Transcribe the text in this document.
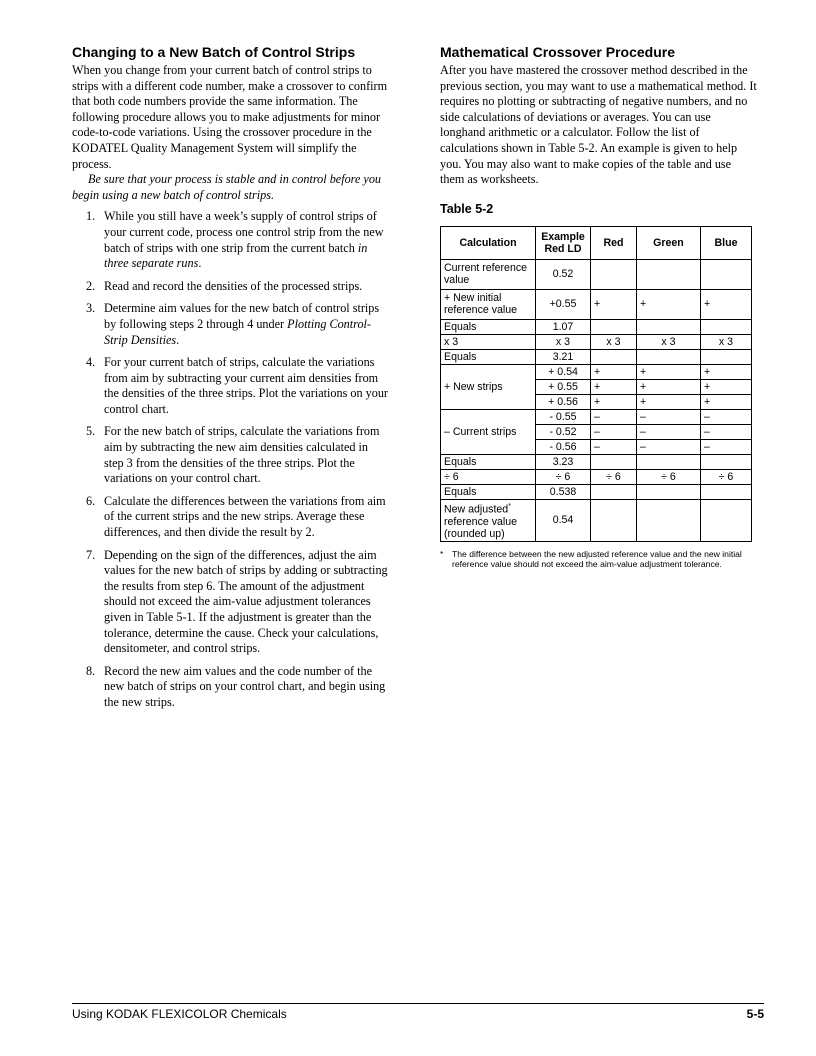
Changing to a New Batch of Control Strips

When you change from your current batch of control strips to strips with a different code number, make a crossover to confirm that both code numbers provide the same information. The following procedure allows you to make adjustments for minor code-to-code variations. Using the crossover procedure in the KODATEL Quality Management System will simplify the process.

Be sure that your process is stable and in control before you begin using a new batch of control strips.

1. While you still have a week’s supply of control strips of your current code, process one control strip from the new batch of strips with one strip from the current batch in three separate runs.
2. Read and record the densities of the processed strips.
3. Determine aim values for the new batch of control strips by following steps 2 through 4 under Plotting Control-Strip Densities.
4. For your current batch of strips, calculate the variations from aim by subtracting your current aim densities from the densities of the three strips. Plot the variations on your control chart.
5. For the new batch of strips, calculate the variations from aim by subtracting the new aim densities calculated in step 3 from the densities of the three strips. Plot the variations on your control chart.
6. Calculate the differences between the variations from aim of the current strips and the new strips. Average these differences, and then divide the result by 2.
7. Depending on the sign of the differences, adjust the aim values for the new batch of strips by adding or subtracting the results from step 6. The amount of the adjustment should not exceed the aim-value adjustment tolerances given in Table 5-1. If the adjustment is greater than the tolerance, determine the cause. Check your calculations, densitometer, and control strips.
8. Record the new aim values and the code number of the new batch of strips on your control chart, and begin using the new strips.
Mathematical Crossover Procedure

After you have mastered the crossover method described in the previous section, you may want to use a mathematical method. It requires no plotting or subtracting of negative numbers, and no side calculations of deviations or averages. You can use longhand arithmetic or a calculator. Follow the list of calculations shown in Table 5-2. An example is given to help you. You may also want to make copies of the table and use them as worksheets.

Table 5-2
Calculation	Example Red LD	Red	Green	Blue
Current reference value	0.52			
+ New initial reference value	+0.55	+	+	+
Equals	1.07			
x 3	x 3	x 3	x 3	x 3
Equals	3.21			
+ New strips	+ 0.54	+	+	+
	+ 0.55	+	+	+
	+ 0.56	+	+	+
– Current strips	- 0.55	–	–	–
	- 0.52	–	–	–
	- 0.56	–	–	–
Equals	3.23			
÷ 6	÷ 6	÷ 6	÷ 6	÷ 6
Equals	0.538			
New adjusted*
reference value (rounded up)	0.54			
* The difference between the new adjusted reference value and the new initial reference value should not exceed the aim-value adjustment tolerance.
Using KODAK FLEXICOLOR Chemicals	5-5
